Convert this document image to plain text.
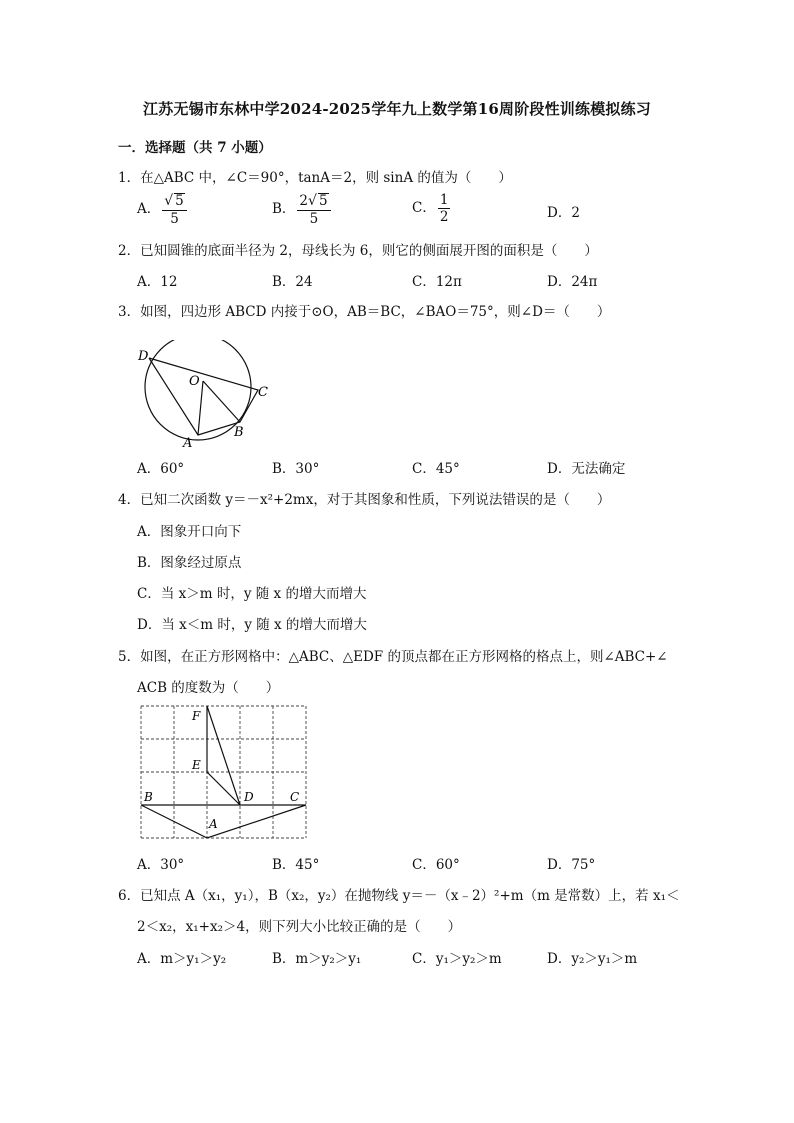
江苏无锡市东林中学2024-2025学年九上数学第16周阶段性训练模拟练习
一．选择题（共 7 小题）
1．在△ABC 中，∠C＝90°，tanA＝2，则 sinA 的值为（　　）
A． $\frac{√ 5}{5}$	B． $\frac{2√ 5}{5}$	C． $\frac{1}{2}$	D．2
2．已知圆锥的底面半径为 2，母线长为 6，则它的侧面展开图的面积是（　　）
A．12	B．24	C．12π	D．24π
3．如图，四边形 ABCD 内接于⊙O，AB＝BC，∠BAO＝75°，则∠D＝（　　）
D
O
C
A
B
A．60°	B．30°	C．45°	D．无法确定
4．已知二次函数 y＝－x²+2mx，对于其图象和性质，下列说法错误的是（　　）
A．图象开口向下
B．图象经过原点
C．当 x＞m 时，y 随 x 的增大而增大
D．当 x＜m 时，y 随 x 的增大而增大
5．如图，在正方形网格中：△ABC、△EDF 的顶点都在正方形网格的格点上，则∠ABC+∠
ACB 的度数为（　　）
F
E
B	D	C
A
A．30°	B．45°	C．60°	D．75°
6．已知点 A（x₁，y₁），B（x₂，y₂）在抛物线 y＝－（x﹣2）²+m（m 是常数）上，若 x₁＜
2＜x₂，x₁+x₂＞4，则下列大小比较正确的是（　　）
A．m＞y₁＞y₂	B．m＞y₂＞y₁	C．y₁＞y₂＞m	D．y₂＞y₁＞m
